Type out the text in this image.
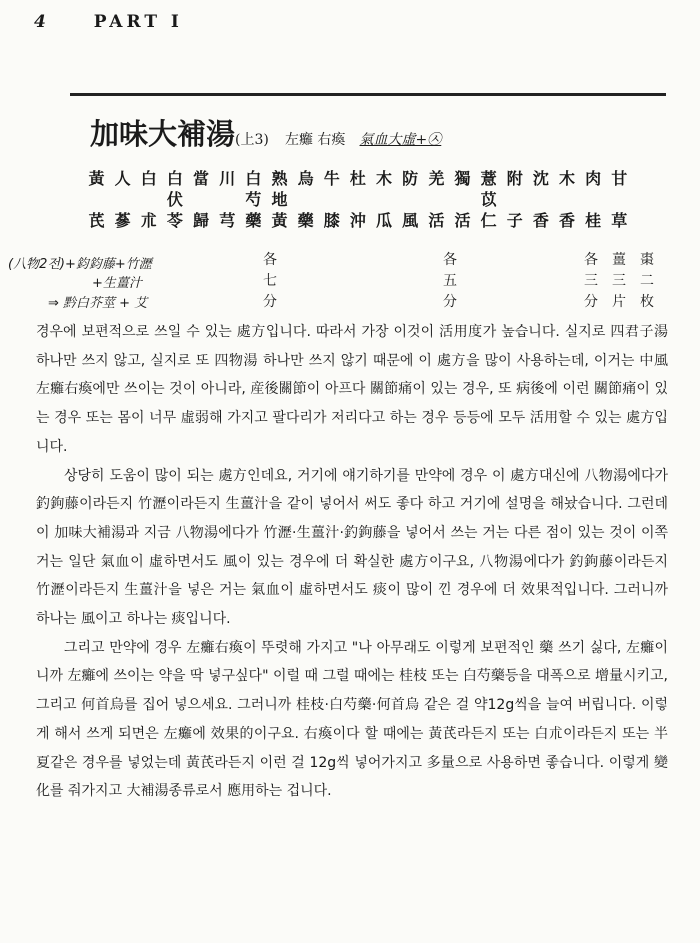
4	PART I
加味大補湯(上3) 左癱 右瘓 氣血大虛+㉦
黃
芪
人
蔘
白
朮
白
伏
苓
當
歸
川
芎
白
芍
藥
熟
地
黃
烏
藥
牛
膝
杜
沖
木
瓜
防
風
羌
活
獨
活
薏
苡
仁
附
子
沈
香
木
香
肉
桂
甘
草
(八物2전)+鈞鈞藤+竹瀝
+生薑汁
⇒ 黔白芥莖 + 艾
各
七
分
各
五
分
各
三
分
薑
三
片
棗
二
枚

경우에 보편적으로 쓰일 수 있는 處方입니다. 따라서 가장 이것이 活用度가 높습니다. 실지로 四君子湯 하나만 쓰지 않고, 실지로 또 四物湯 하나만 쓰지 않기 때문에 이 處方을 많이 사용하는데, 이거는 中風 左癱右瘓에만 쓰이는 것이 아니라, 産後關節이 아프다 關節痛이 있는 경우, 또 病後에 이런 關節痛이 있는 경우 또는 몸이 너무 虛弱해 가지고 팔다리가 저리다고 하는 경우 등등에 모두 活用할 수 있는 處方입니다.

상당히 도움이 많이 되는 處方인데요, 거기에 얘기하기를 만약에 경우 이 處方대신에 八物湯에다가 釣鉤藤이라든지 竹瀝이라든지 生薑汁을 같이 넣어서 써도 좋다 하고 거기에 설명을 해놨습니다. 그런데 이 加味大補湯과 지금 八物湯에다가 竹瀝·生薑汁·釣鉤藤을 넣어서 쓰는 거는 다른 점이 있는 것이 이쪽 거는 일단 氣血이 虛하면서도 風이 있는 경우에 더 확실한 處方이구요, 八物湯에다가 釣鉤藤이라든지 竹瀝이라든지 生薑汁을 넣은 거는 氣血이 虛하면서도 痰이 많이 낀 경우에 더 效果적입니다. 그러니까 하나는 風이고 하나는 痰입니다.

그리고 만약에 경우 左癱右瘓이 뚜렷해 가지고 "나 아무래도 이렇게 보편적인 藥 쓰기 싫다, 左癱이니까 左癱에 쓰이는 약을 딱 넣구싶다" 이럴 때 그럴 때에는 桂枝 또는 白芍藥등을 대폭으로 增量시키고, 그리고 何首烏를 집어 넣으세요. 그러니까 桂枝·白芍藥·何首烏 같은 걸 약12g씩을 늘여 버립니다. 이렇게 해서 쓰게 되면은 左癱에 效果的이구요. 右瘓이다 할 때에는 黃芪라든지 또는 白朮이라든지 또는 半夏같은 경우를 넣었는데 黃芪라든지 이런 걸 12g씩 넣어가지고 多量으로 사용하면 좋습니다. 이렇게 變化를 줘가지고 大補湯종류로서 應用하는 겁니다.
